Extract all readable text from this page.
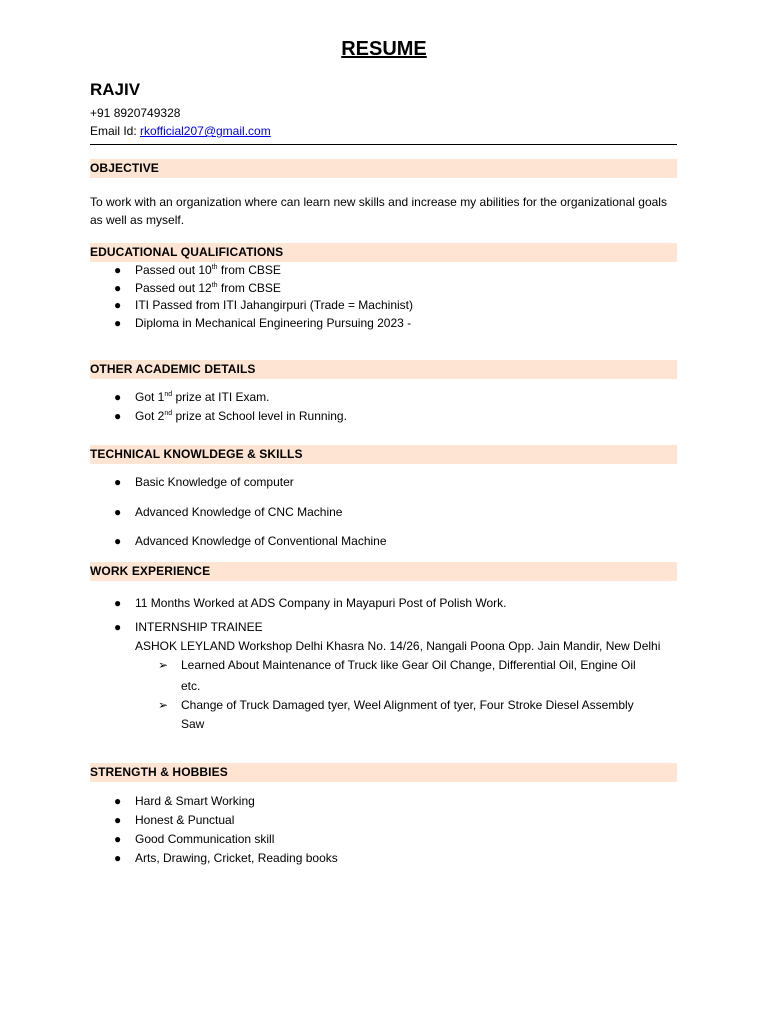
RESUME
RAJIV
+91 8920749328
Email Id: rkofficial207@gmail.com
OBJECTIVE
To work with an organization where can learn new skills and increase my abilities for the organizational goals as well as myself.
EDUCATIONAL QUALIFICATIONS
● Passed out 10th from CBSE
● Passed out 12th from CBSE
● ITI Passed from ITI Jahangirpuri (Trade = Machinist)
● Diploma in Mechanical Engineering Pursuing 2023 -
OTHER ACADEMIC DETAILS
● Got 1nd prize at ITI Exam.
● Got 2nd prize at School level in Running.
TECHNICAL KNOWLDEGE & SKILLS
● Basic Knowledge of computer
● Advanced Knowledge of CNC Machine
● Advanced Knowledge of Conventional Machine
WORK EXPERIENCE
● 11 Months Worked at ADS Company in Mayapuri Post of Polish Work.
● INTERNSHIP TRAINEE
ASHOK LEYLAND Workshop Delhi Khasra No. 14/26, Nangali Poona Opp. Jain Mandir, New Delhi
➢ Learned About Maintenance of Truck like Gear Oil Change, Differential Oil, Engine Oil
etc.
➢ Change of Truck Damaged tyer, Weel Alignment of tyer, Four Stroke Diesel Assembly
Saw
STRENGTH & HOBBIES
● Hard & Smart Working
● Honest & Punctual
● Good Communication skill
● Arts, Drawing, Cricket, Reading books
